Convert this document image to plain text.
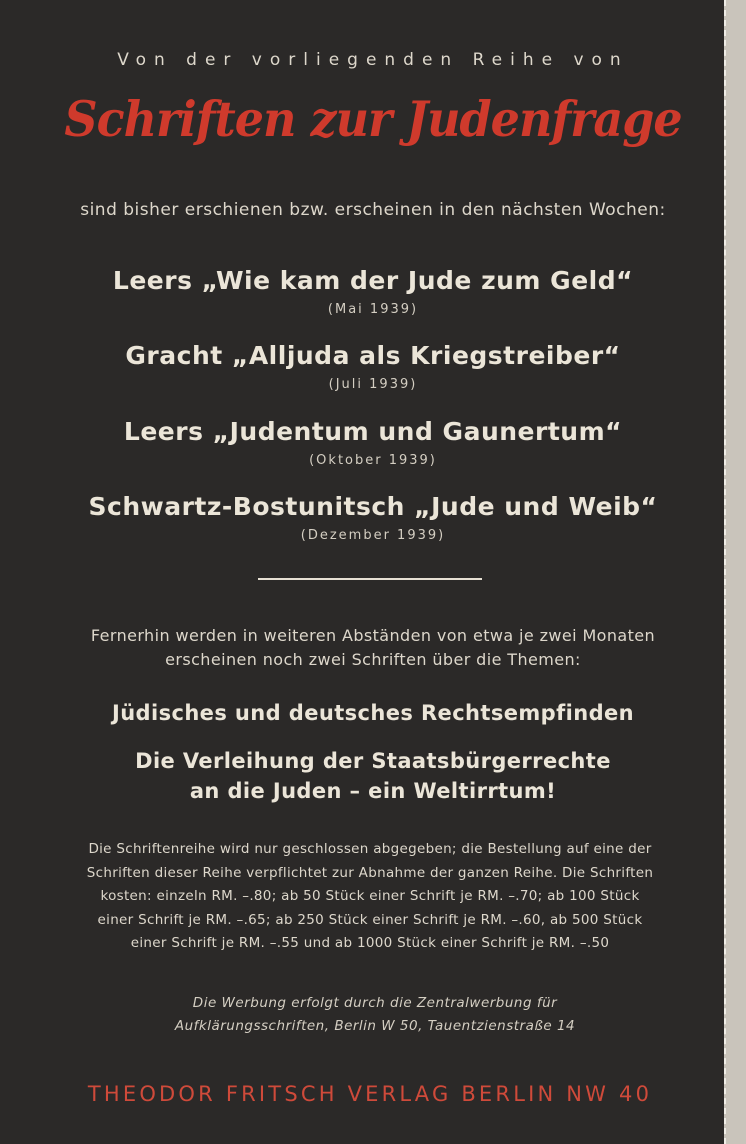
Von der vorliegenden Reihe von
Schriften zur Judenfrage
sind bisher erschienen bzw. erscheinen in den nächsten Wochen:
Leers „Wie kam der Jude zum Geld“
(Mai 1939)
Gracht „Alljuda als Kriegstreiber“
(Juli 1939)
Leers „Judentum und Gaunertum“
(Oktober 1939)
Schwartz-Bostunitsch „Jude und Weib“
(Dezember 1939)
Fernerhin werden in weiteren Abständen von etwa je zwei Monaten
erscheinen noch zwei Schriften über die Themen:
Jüdisches und deutsches Rechtsempfinden
Die Verleihung der Staatsbürgerrechte
an die Juden – ein Weltirrtum!
Die Schriftenreihe wird nur geschlossen abgegeben; die Bestellung auf eine der
Schriften dieser Reihe verpflichtet zur Abnahme der ganzen Reihe. Die Schriften
kosten: einzeln RM. –.80; ab 50 Stück einer Schrift je RM. –.70; ab 100 Stück
einer Schrift je RM. –.65; ab 250 Stück einer Schrift je RM. –.60, ab 500 Stück
einer Schrift je RM. –.55 und ab 1000 Stück einer Schrift je RM. –.50
Die Werbung erfolgt durch die Zentralwerbung für
Aufklärungsschriften, Berlin W 50, Tauentzienstraße 14
THEODOR FRITSCH VERLAG BERLIN NW 40
